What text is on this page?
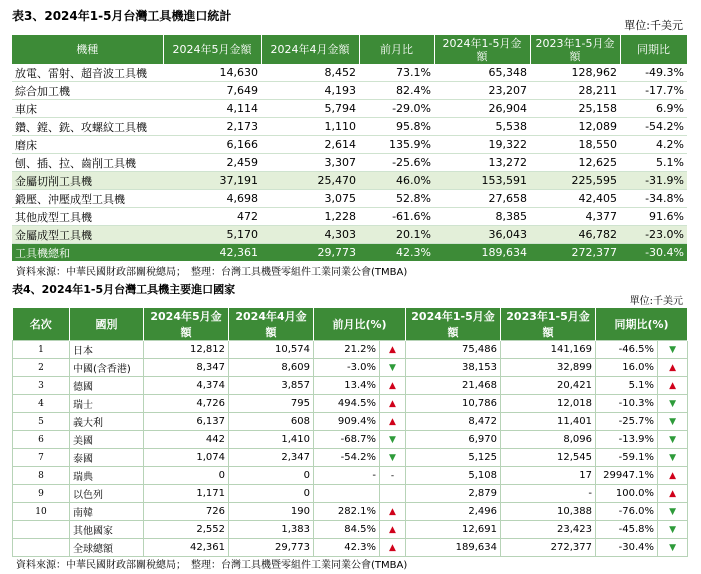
表3、2024年1-5月台灣工具機進口統計
單位:千美元
機種	2024年5月金額	2024年4月金額	前月比	2024年1-5月金額	2023年1-5月金額	同期比
放電、雷射、超音波工具機	14,630	8,452	73.1%	65,348	128,962	-49.3%
綜合加工機	7,649	4,193	82.4%	23,207	28,211	-17.7%
車床	4,114	5,794	-29.0%	26,904	25,158	6.9%
鑽、鏜、銑、攻螺紋工具機	2,173	1,110	95.8%	5,538	12,089	-54.2%
磨床	6,166	2,614	135.9%	19,322	18,550	4.2%
刨、插、拉、齒削工具機	2,459	3,307	-25.6%	13,272	12,625	5.1%
金屬切削工具機	37,191	25,470	46.0%	153,591	225,595	-31.9%
鍛壓、沖壓成型工具機	4,698	3,075	52.8%	27,658	42,405	-34.8%
其他成型工具機	472	1,228	-61.6%	8,385	4,377	91.6%
金屬成型工具機	5,170	4,303	20.1%	36,043	46,782	-23.0%
工具機總和	42,361	29,773	42.3%	189,634	272,377	-30.4%
資料來源：中華民國財政部關稅總局；　整理：台灣工具機暨零組件工業同業公會(TMBA)
表4、2024年1-5月台灣工具機主要進口國家
單位:千美元
名次	國別	2024年5月金額	2024年4月金額	前月比(%)		2024年1-5月金額	2023年1-5月金額	同期比(%)	
1	日本	12,812	10,574	21.2%	▲	75,486	141,169	-46.5%	▼
2	中國(含香港)	8,347	8,609	-3.0%	▼	38,153	32,899	16.0%	▲
3	德國	4,374	3,857	13.4%	▲	21,468	20,421	5.1%	▲
4	瑞士	4,726	795	494.5%	▲	10,786	12,018	-10.3%	▼
5	義大利	6,137	608	909.4%	▲	8,472	11,401	-25.7%	▼
6	美國	442	1,410	-68.7%	▼	6,970	8,096	-13.9%	▼
7	泰國	1,074	2,347	-54.2%	▼	5,125	12,545	-59.1%	▼
8	瑞典	0	0	-	-	5,108	17	29947.1%	▲
9	以色列	1,171	0			2,879	-	100.0%	▲
10	南韓	726	190	282.1%	▲	2,496	10,388	-76.0%	▼
	其他國家	2,552	1,383	84.5%	▲	12,691	23,423	-45.8%	▼
	全球總額	42,361	29,773	42.3%	▲	189,634	272,377	-30.4%	▼
資料來源：中華民國財政部關稅總局；　整理：台灣工具機暨零組件工業同業公會(TMBA)
